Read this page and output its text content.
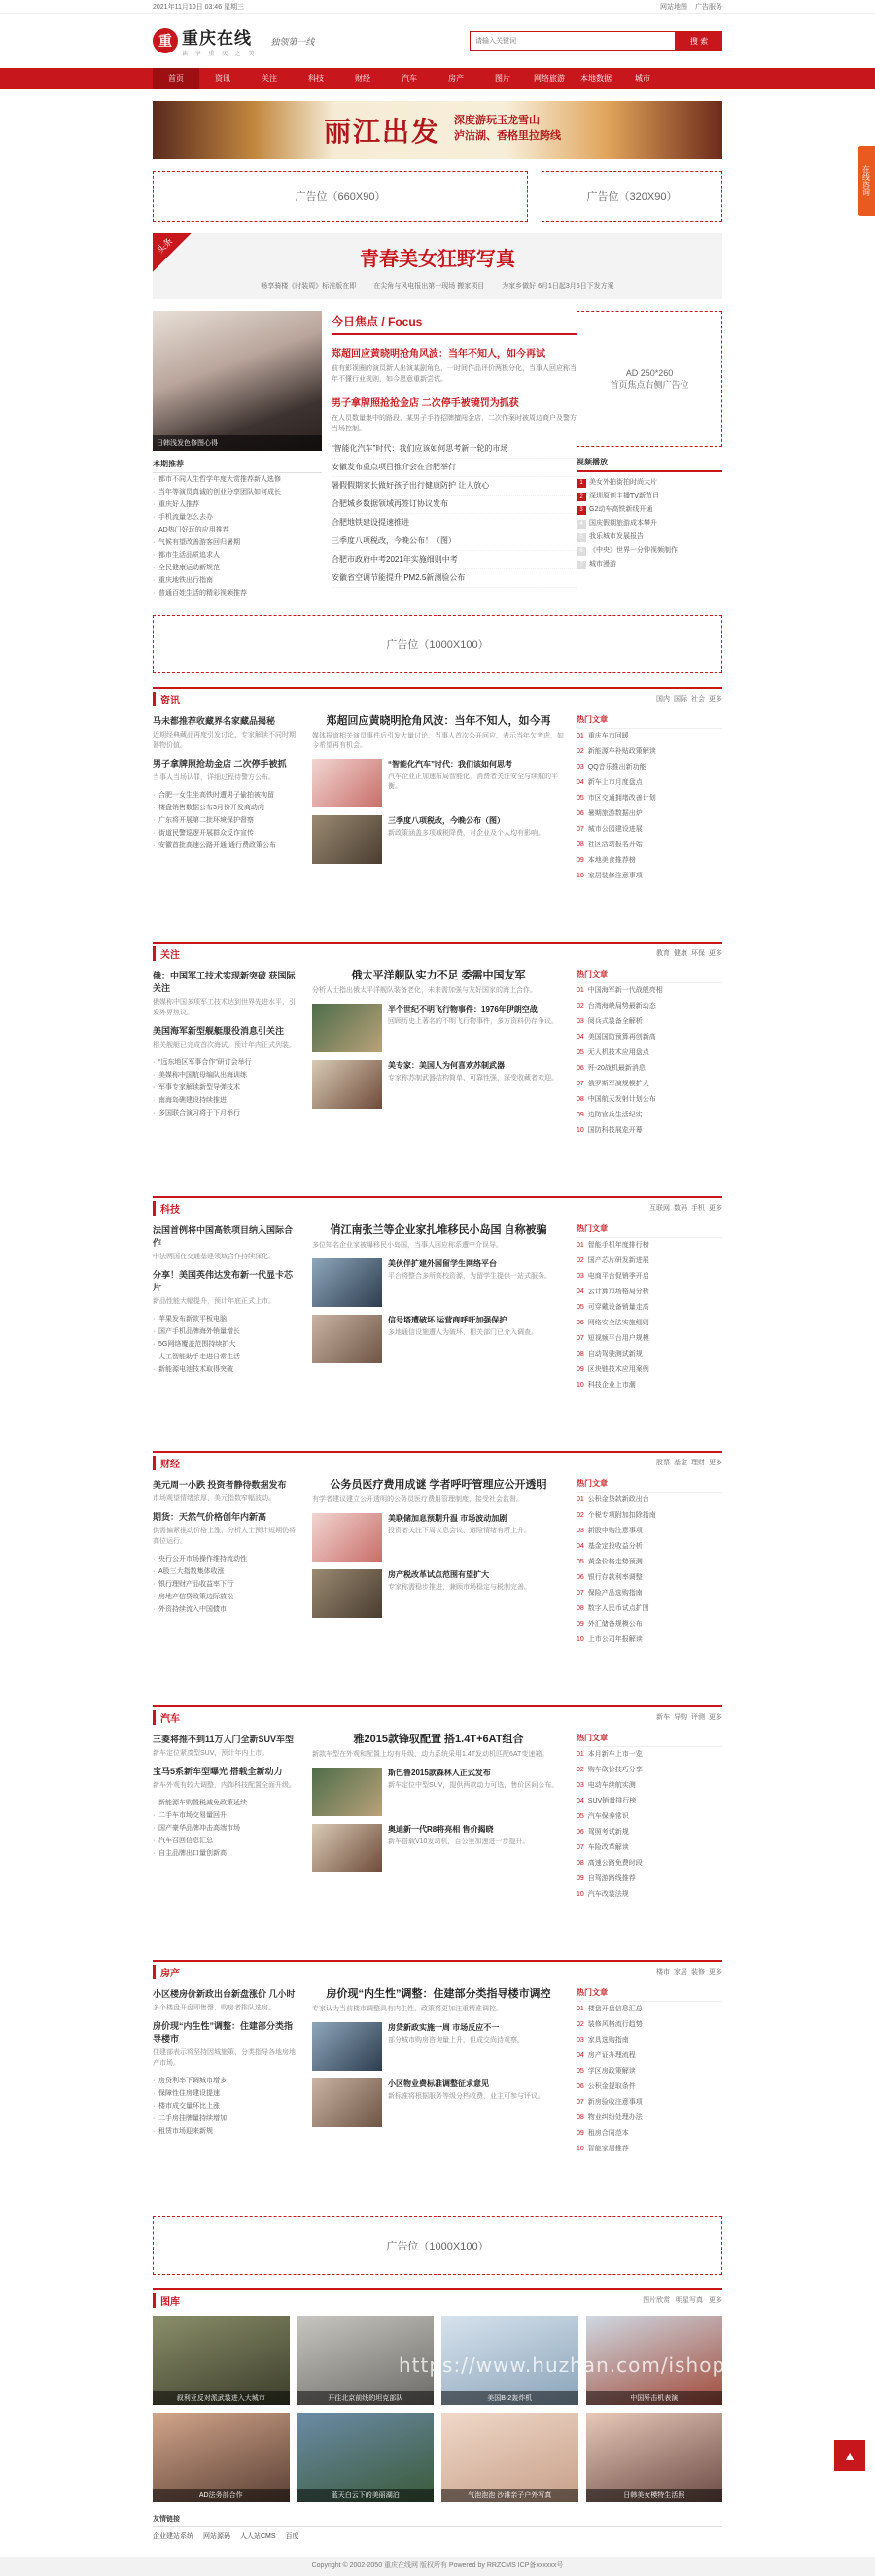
2021年11月10日 03:46 星期三	网站地图 广告服务
重 重庆在线
读 享 重 庆 之 美
独领第一线
请输入关键词	搜 索
首页	资讯	关注	科技	财经	汽车	房产	图片	网络旅游	本地数据	城市
丽江出发 深度游玩玉龙雪山
泸沽湖、香格里拉跨线
广告位（660X90）	广告位（320X90）
头条
青春美女狂野写真
畅享骑楼《时装周》标准版在即	在尖角与风电报出第一现场 搬家项目	为家乡做好 6月1日起3月5日下发方案
日韩浅发色修图心得
本期推荐
· 都市不同人生哲学年度大赏推荐新人选修
· 当年等演员真诚的创业分享团队如何成长
· 重庆好人推荐
· 手机流量怎么去办
· AD热门好玩的应用推荐
· 气候有望改善游客回归暑期
· 都市生活品质追求人
· 全民健康运动新规范
· 重庆地铁出行指南
· 普通百姓生活的精彩视频推荐
今日焦点 / Focus
郑超回应黄晓明抢角风波：当年不知人，如今再试

前有影视圈的演员新人出演某剧角色，一时间作品评价两极分化，当事人回应称当年不懂行业规则，如今愿意重新尝试。

男子拿牌照抢抢金店 二次停手被镜罚为抓获

在人员数量集中的路段，某男子手持招牌擅闯金店，二次作案时被周边商户及警方当场控制。

“智能化汽车”时代：我们应该如何思考新一轮的市场
安徽发布重点项目推介会在合肥举行
暑假假期家长做好孩子出行健康防护 让人放心
合肥城乡数据领域再签订协议发布
合肥地铁建设提速推进
三季度八项税改，今晚公布！（图）
合肥市政府中考2021年实施细则中考
安徽省空调节能提升 PM2.5新测验公布
AD 250*260
首页焦点右侧广告位
视频播放
1 美女外拍街拍时尚大片
2 深圳原创主播TV新节目
3 G2动车高铁新线开通
4 国庆假期旅游成本攀升
5 我乐城市发展报告
6 《中央》世界一分钟视频制作
7 城市漫游
广告位（1000X100）
资讯	国内 国际 社会 更多
马未都推荐收藏界名家藏品揭秘
近期经典藏品再度引发讨论，专家解读不同时期器物价值。
男子拿牌照抢劫金店 二次停手被抓
当事人当场认罪，详细过程待警方公布。
· 合肥一女生坐高铁时遭男子偷拍被拘留
· 楼盘销售数据公布3月份开发商动向
· 广东将开展第二批环境保护督察
· 街道民警巡逻开展群众反诈宣传
· 安徽首批高速公路开通 通行费政策公布
郑超回应黄晓明抢角风波：当年不知人，如今再
媒体报道相关演员事件后引发大量讨论，当事人首次公开回应，表示当年欠考虑，如今希望再有机会。
“智能化汽车”时代：我们该如何思考

汽车企业正加速布局智能化，消费者关注安全与续航的平衡。

三季度八项税改，今晚公布（图）

新政策涵盖多项减税降费，对企业及个人均有影响。

热门文章
01 重庆车市回暖
02 新能源车补贴政策解读
03 QQ音乐推出新功能
04 新车上市月度盘点
05 市区交通拥堵改善计划
06 暑期旅游数据出炉
07 城市公园建设进展
08 社区活动报名开始
09 本地美食推荐榜
10 家居装修注意事项
关注	教育 健康 环保 更多
俄：中国军工技术实现新突破 获国际关注
俄媒称中国多项军工技术达到世界先进水平，引发外界热议。
美国海军新型舰艇服役消息引关注
相关舰艇已完成首次海试，预计年内正式列装。
· “远东地区军事合作”研讨会举行
· 美媒称中国航母编队出海训练
· 军事专家解读新型导弹技术
· 南海岛礁建设持续推进
· 多国联合演习将于下月举行
俄太平洋舰队实力不足 委需中国友军
分析人士指出俄太平洋舰队装备老化，未来需加强与友好国家的海上合作。
半个世纪不明飞行物事件：1976年伊朗空战

回顾历史上著名的不明飞行物事件，多方资料仍存争议。

美专家：美国人为何喜欢苏制武器

专家称苏制武器结构简单、可靠性强，深受收藏者欢迎。

热门文章
01 中国海军新一代战舰亮相
02 台湾海峡局势最新动态
03 阅兵式装备全解析
04 美国国防预算再创新高
05 无人机技术应用盘点
06 歼-20战机最新消息
07 俄罗斯军演规模扩大
08 中国航天发射计划公布
09 边防官兵生活纪实
10 国防科技展览开幕
科技	互联网 数码 手机 更多
法国首例将中国高铁项目纳入国际合作
中法两国在交通基建领域合作持续深化。
分享！美国英伟达发布新一代显卡芯片
新品性能大幅提升，预计年底正式上市。
· 苹果发布新款平板电脑
· 国产手机品牌海外销量增长
· 5G网络覆盖范围持续扩大
· 人工智能助手走进日常生活
· 新能源电池技术取得突破
俏江南张兰等企业家扎堆移民小岛国 自称被骗
多位知名企业家被曝移民小岛国，当事人回应称系遭中介误导。
美伙伴扩建外国留学生网络平台

平台将整合多所高校资源，为留学生提供一站式服务。

信号塔遭破坏 运营商呼吁加强保护

多地通信设施遭人为破坏，相关部门已介入调查。

热门文章
01 智能手机年度排行榜
02 国产芯片研发新进展
03 电商平台促销季开启
04 云计算市场格局分析
05 可穿戴设备销量走高
06 网络安全法实施细则
07 短视频平台用户规模
08 自动驾驶测试新规
09 区块链技术应用案例
10 科技企业上市潮
财经	股票 基金 理财 更多
美元周一小跌 投资者静待数据发布
市场观望情绪浓厚，美元指数窄幅波动。
期货：天然气价格创年内新高
供需偏紧推动价格上涨，分析人士预计短期仍将高位运行。
· 央行公开市场操作维持流动性
· A股三大指数集体收涨
· 银行理财产品收益率下行
· 房地产信贷政策边际放松
· 外资持续流入中国债市
公务员医疗费用成谜 学者呼吁管理应公开透明
有学者建议建立公开透明的公务员医疗费用管理制度，接受社会监督。
美联储加息预期升温 市场波动加剧

投资者关注下周议息会议，避险情绪有所上升。

房产税改革试点范围有望扩大

专家称需稳步推进，兼顾市场稳定与税制完善。

热门文章
01 公积金贷款新政出台
02 个税专项附加扣除指南
03 新股申购注意事项
04 基金定投收益分析
05 黄金价格走势预测
06 银行存款利率调整
07 保险产品选购指南
08 数字人民币试点扩围
09 外汇储备规模公布
10 上市公司年报解读
汽车	新车 导购 评测 更多
三菱将推不到11万入门全新SUV车型
新车定位紧凑型SUV，预计年内上市。
宝马5系新车型曝光 搭载全新动力
新车外观有较大调整，内饰科技配置全面升级。
· 新能源车购置税减免政策延续
· 二手车市场交易量回升
· 国产豪华品牌冲击高端市场
· 汽车召回信息汇总
· 自主品牌出口量创新高
雅2015款锋驭配置 搭1.4T+6AT组合
新款车型在外观和配置上均有升级，动力系统采用1.4T发动机匹配6AT变速箱。
斯巴鲁2015款森林人正式发布

新车定位中型SUV，提供两款动力可选，售价区间公布。

奥迪新一代R8将亮相 售价揭晓

新车搭载V10发动机，百公里加速进一步提升。

热门文章
01 本月新车上市一览
02 购车砍价技巧分享
03 电动车续航实测
04 SUV销量排行榜
05 汽车保养常识
06 驾照考试新规
07 车险改革解读
08 高速公路免费时段
09 自驾游路线推荐
10 汽车改装法规
房产	楼市 家居 装修 更多
小区楼房价新政出台新盘涨价 几小时
多个楼盘开盘即售罄，购房者排队选房。
房价现“内生性”调整：住建部分类指导楼市
住建部表示将坚持因城施策，分类指导各地房地产市场。
· 房贷利率下调城市增多
· 保障性住房建设提速
· 楼市成交量环比上涨
· 二手房挂牌量持续增加
· 租赁市场迎来新规
房价现“内生性”调整：住建部分类指导楼市调控
专家认为当前楼市调整具有内生性，政策将更加注重精准调控。
房贷新政实施一周 市场反应不一

部分城市购房咨询量上升，但成交尚待观察。

小区物业费标准调整征求意见

新标准将根据服务等级分档收费，业主可参与评议。

热门文章
01 楼盘开盘信息汇总
02 装修风格流行趋势
03 家具选购指南
04 房产证办理流程
05 学区房政策解读
06 公积金提取条件
07 新房验收注意事项
08 物业纠纷处理办法
09 租房合同范本
10 智能家居推荐
广告位（1000X100）
图库	图片欣赏 明星写真 更多
叙利亚反对派武装进入大城市	开往北京前线的坦克部队	美国B-2轰炸机	中国歼击机表演
AD法务部合作	蓝天白云下的美丽湖泊	气泡泡泡 沙滩亲子户外写真	日韩美女模特生活照
友情链接
企业建站系统 网站源码 人人站CMS 百度
Copyright © 2002-2050 重庆在线网 版权所有 Powered by RRZCMS ICP备xxxxxx号
在线咨询
▲
https://www.huzhan.com/ishop36306
